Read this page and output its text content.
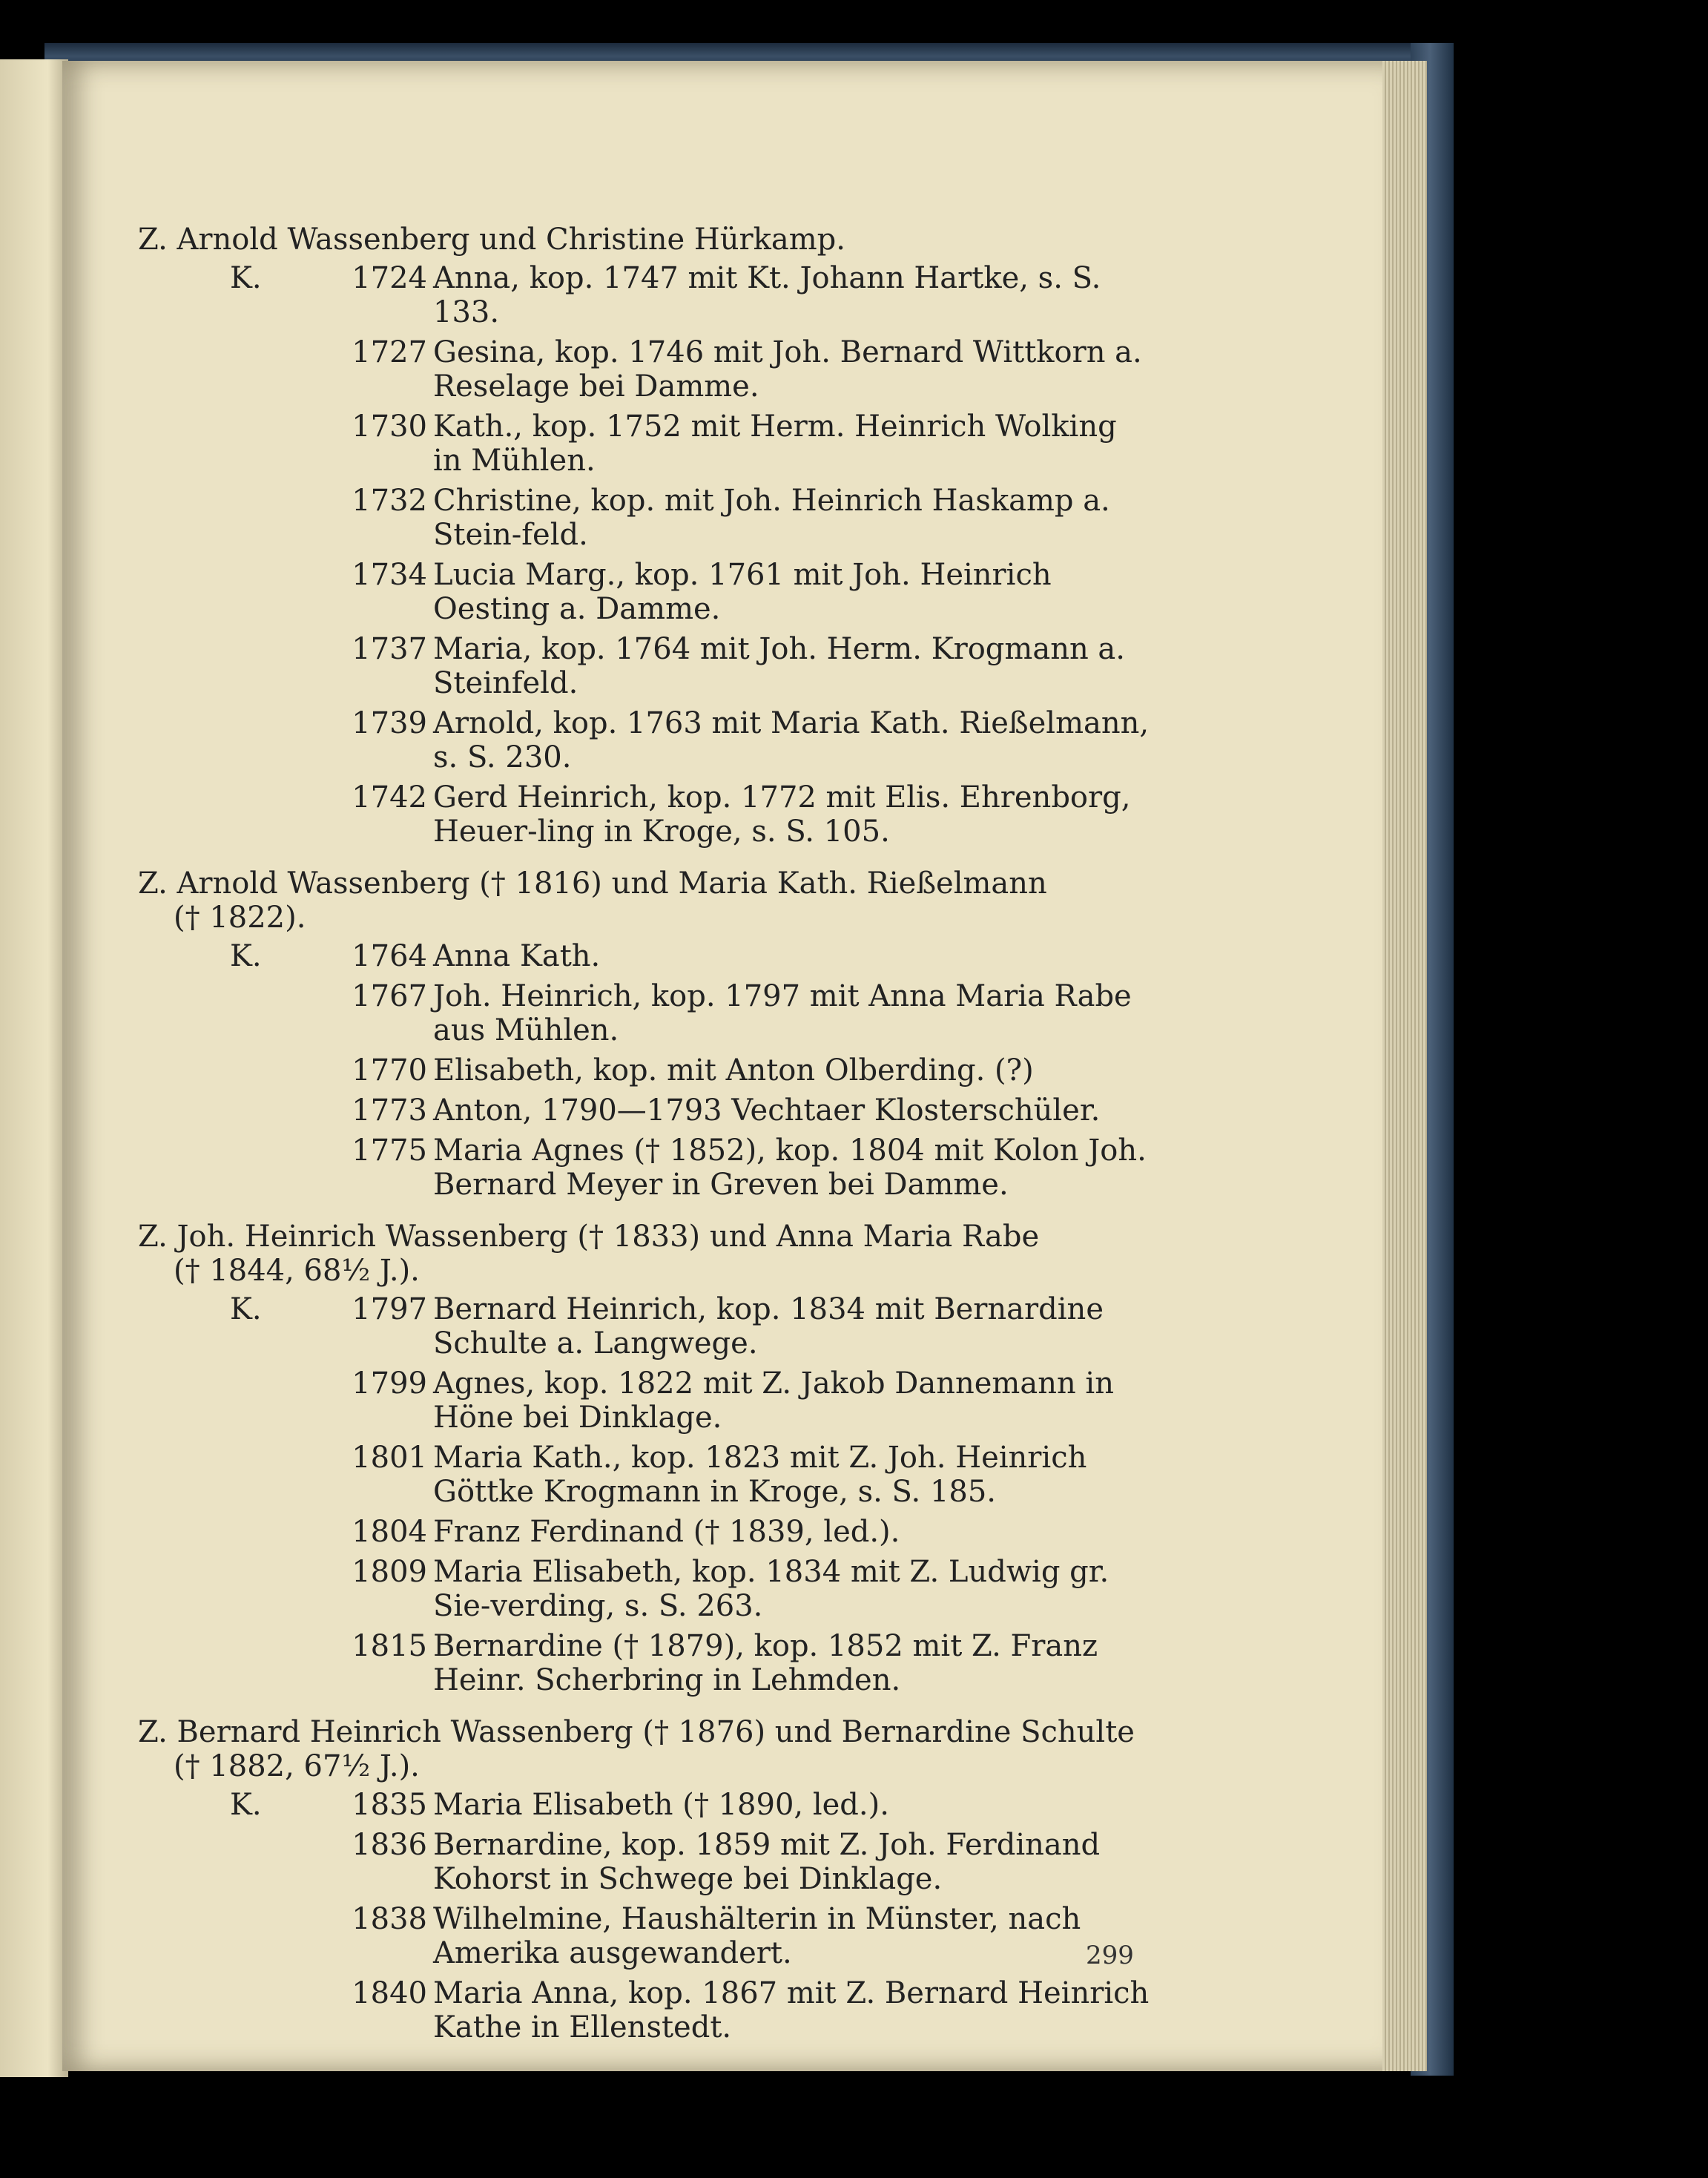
Z. Arnold Wassenberg und Christine Hürkamp.
K.	1724 Anna, kop. 1747 mit Kt. Johann Hartke, s. S. 133.
1727 Gesina, kop. 1746 mit Joh. Bernard Wittkorn a. Reselage bei Damme.
1730 Kath., kop. 1752 mit Herm. Heinrich Wolking in Mühlen.
1732 Christine, kop. mit Joh. Heinrich Haskamp a. Stein-feld.
1734 Lucia Marg., kop. 1761 mit Joh. Heinrich Oesting a. Damme.
1737 Maria, kop. 1764 mit Joh. Herm. Krogmann a. Steinfeld.
1739 Arnold, kop. 1763 mit Maria Kath. Rießelmann, s. S. 230.
1742 Gerd Heinrich, kop. 1772 mit Elis. Ehrenborg, Heuer-ling in Kroge, s. S. 105.
Z. Arnold Wassenberg († 1816) und Maria Kath. Rießelmann
(† 1822).
K.	1764 Anna Kath.
1767 Joh. Heinrich, kop. 1797 mit Anna Maria Rabe aus Mühlen.
1770 Elisabeth, kop. mit Anton Olberding. (?)
1773 Anton, 1790—1793 Vechtaer Klosterschüler.
1775 Maria Agnes († 1852), kop. 1804 mit Kolon Joh. Bernard Meyer in Greven bei Damme.
Z. Joh. Heinrich Wassenberg († 1833) und Anna Maria Rabe
(† 1844, 68½ J.).
K.	1797 Bernard Heinrich, kop. 1834 mit Bernardine Schulte a. Langwege.
1799 Agnes, kop. 1822 mit Z. Jakob Dannemann in Höne bei Dinklage.
1801 Maria Kath., kop. 1823 mit Z. Joh. Heinrich Göttke Krogmann in Kroge, s. S. 185.
1804 Franz Ferdinand († 1839, led.).
1809 Maria Elisabeth, kop. 1834 mit Z. Ludwig gr. Sie-verding, s. S. 263.
1815 Bernardine († 1879), kop. 1852 mit Z. Franz Heinr. Scherbring in Lehmden.
Z. Bernard Heinrich Wassenberg († 1876) und Bernardine Schulte
(† 1882, 67½ J.).
K.	1835 Maria Elisabeth († 1890, led.).
1836 Bernardine, kop. 1859 mit Z. Joh. Ferdinand Kohorst in Schwege bei Dinklage.
1838 Wilhelmine, Haushälterin in Münster, nach Amerika ausgewandert.
1840 Maria Anna, kop. 1867 mit Z. Bernard Heinrich Kathe in Ellenstedt.
299
